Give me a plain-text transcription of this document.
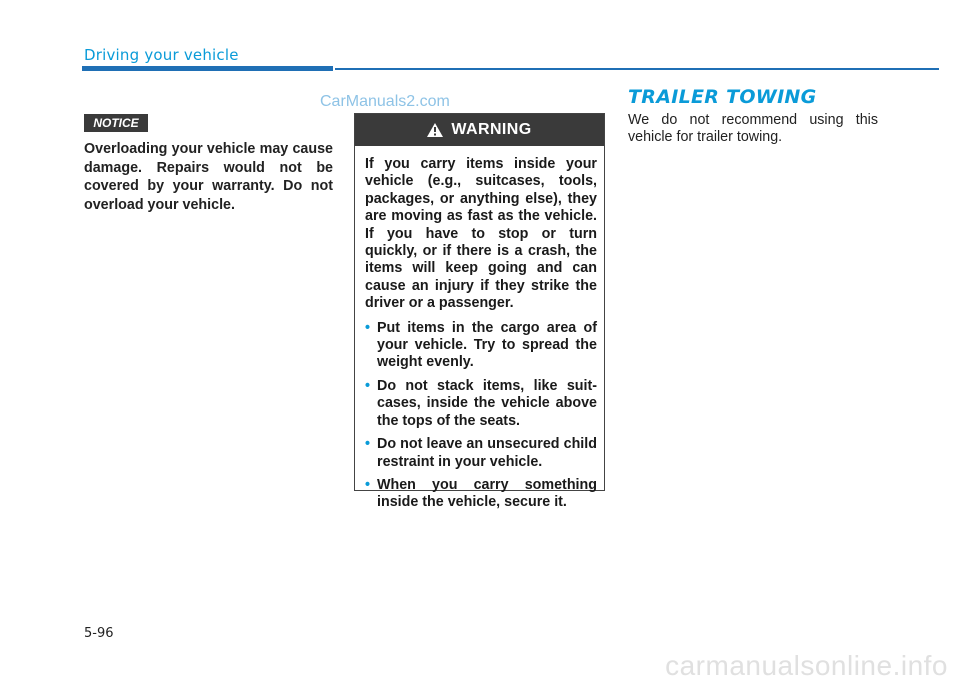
Driving your vehicle
CarManuals2.com
NOTICE
Overloading your vehicle may cause damage. Repairs would not be covered by your warranty. Do not overload your vehicle.
WARNING

If you carry items inside your vehicle (e.g., suitcases, tools, packages, or anything else), they are moving as fast as the vehicle. If you have to stop or turn quickly, or if there is a crash, the items will keep going and can cause an injury if they strike the driver or a passenger.

• Put items in the cargo area of your vehicle. Try to spread the weight evenly.
• Do not stack items, like suit-cases, inside the vehicle above the tops of the seats.
• Do not leave an unsecured child restraint in your vehicle.
• When you carry something inside the vehicle, secure it.
TRAILER TOWING
We do not recommend using this vehicle for trailer towing.
5-96
carmanualsonline.info
